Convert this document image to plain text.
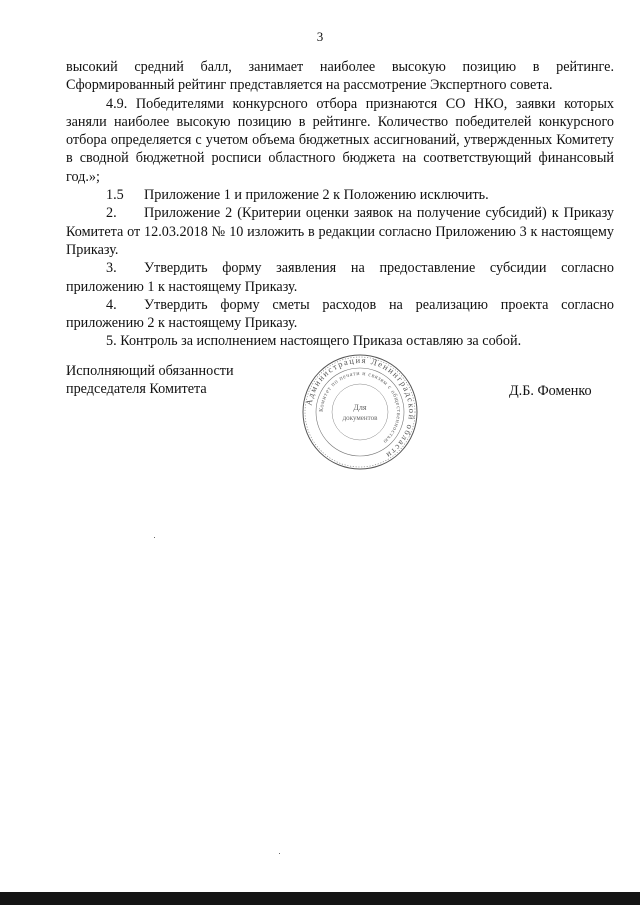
3

высокий средний балл, занимает наиболее высокую позицию в рейтинге. Сформированный рейтинг представляется на рассмотрение Экспертного совета.

4.9. Победителями конкурсного отбора признаются СО НКО, заявки которых заняли наиболее высокую позицию в рейтинге. Количество победителей конкурсного отбора определяется с учетом объема бюджетных ассигнований, утвержденных Комитету в сводной бюджетной росписи областного бюджета на соответствующий финансовый год.»;

1.5 Приложение 1 и приложение 2 к Положению исключить.

2. Приложение 2 (Критерии оценки заявок на получение субсидий) к Приказу Комитета от 12.03.2018 № 10 изложить в редакции согласно Приложению 3 к настоящему Приказу.

3. Утвердить форму заявления на предоставление субсидии согласно приложению 1 к настоящему Приказу.

4. Утвердить форму сметы расходов на реализацию проекта согласно приложению 2 к настоящему Приказу.

5. Контроль за исполнением настоящего Приказа оставляю за собой.

Исполняющий обязанности
председателя Комитета
Администрация Ленинградской области
Комитет по печати и связям с общественностью
Для
документов
Д.Б. Фоменко
